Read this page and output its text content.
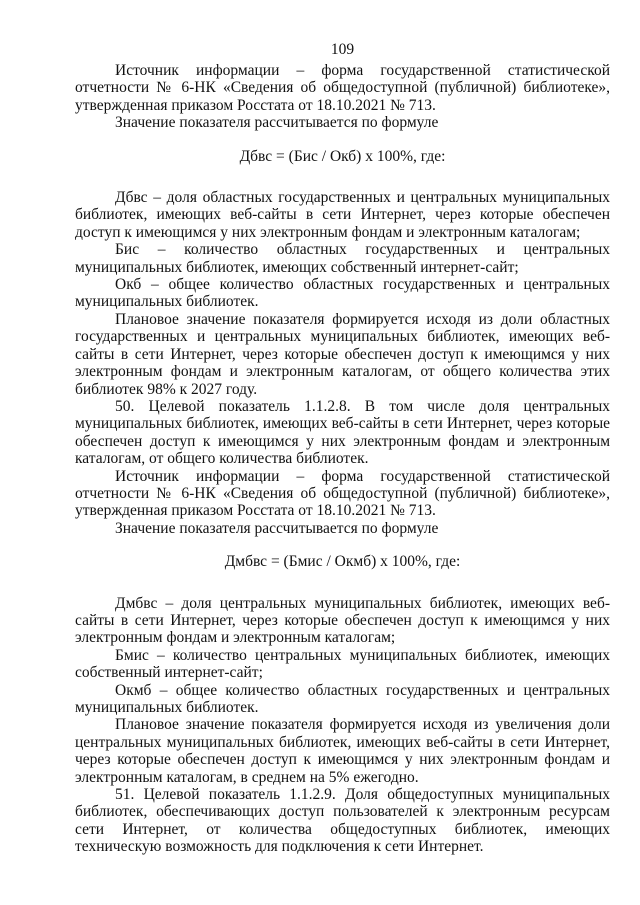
109

Источник информации – форма государственной статистической отчетности № 6-НК «Сведения об общедоступной (публичной) библиотеке», утвержденная приказом Росстата от 18.10.2021 № 713.

Значение показателя рассчитывается по формуле

Дбвс = (Бис / Окб) х 100%, где:

Дбвс – доля областных государственных и центральных муниципальных библиотек, имеющих веб-сайты в сети Интернет, через которые обеспечен доступ к имеющимся у них электронным фондам и электронным каталогам;

Бис – количество областных государственных и центральных муниципальных библиотек, имеющих собственный интернет-сайт;

Окб – общее количество областных государственных и центральных муниципальных библиотек.

Плановое значение показателя формируется исходя из доли областных государственных и центральных муниципальных библиотек, имеющих веб-сайты в сети Интернет, через которые обеспечен доступ к имеющимся у них электронным фондам и электронным каталогам, от общего количества этих библиотек 98% к 2027 году.

50. Целевой показатель 1.1.2.8. В том числе доля центральных муниципальных библиотек, имеющих веб-сайты в сети Интернет, через которые обеспечен доступ к имеющимся у них электронным фондам и электронным каталогам, от общего количества библиотек.

Источник информации – форма государственной статистической отчетности № 6-НК «Сведения об общедоступной (публичной) библиотеке», утвержденная приказом Росстата от 18.10.2021 № 713.

Значение показателя рассчитывается по формуле

Дмбвс = (Бмис / Окмб) х 100%, где:

Дмбвс – доля центральных муниципальных библиотек, имеющих веб-сайты в сети Интернет, через которые обеспечен доступ к имеющимся у них электронным фондам и электронным каталогам;

Бмис – количество центральных муниципальных библиотек, имеющих собственный интернет-сайт;

Окмб – общее количество областных государственных и центральных муниципальных библиотек.

Плановое значение показателя формируется исходя из увеличения доли центральных муниципальных библиотек, имеющих веб-сайты в сети Интернет, через которые обеспечен доступ к имеющимся у них электронным фондам и электронным каталогам, в среднем на 5% ежегодно.

51. Целевой показатель 1.1.2.9. Доля общедоступных муниципальных библиотек, обеспечивающих доступ пользователей к электронным ресурсам сети Интернет, от количества общедоступных библиотек, имеющих техническую возможность для подключения к сети Интернет.
